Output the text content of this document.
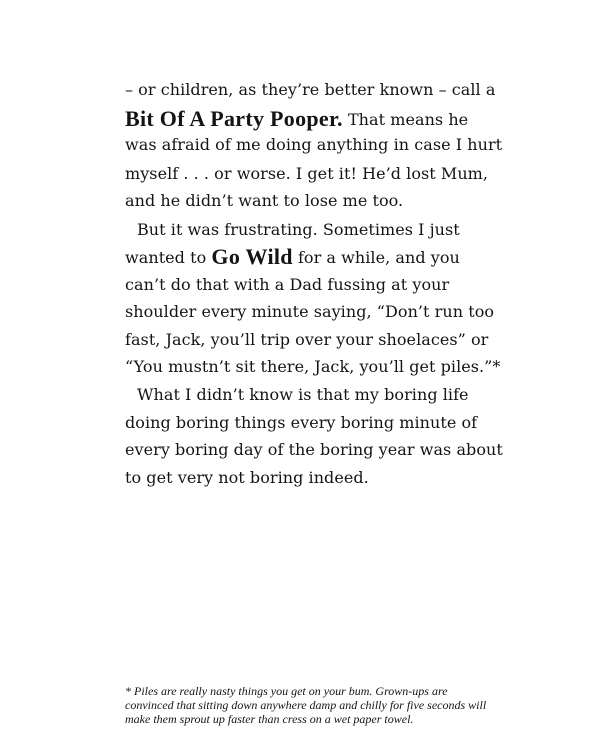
– or children, as they’re better known – call a
Bit Of A Party Pooper. That means he
was afraid of me doing anything in case I hurt
myself . . . or worse. I get it! He’d lost Mum,
and he didn’t want to lose me too.
But it was frustrating. Sometimes I just
wanted to Go Wild for a while, and you
can’t do that with a Dad fussing at your
shoulder every minute saying, “Don’t run too
fast, Jack, you’ll trip over your shoelaces” or
“You mustn’t sit there, Jack, you’ll get piles.”*
What I didn’t know is that my boring life
doing boring things every boring minute of
every boring day of the boring year was about
to get very not boring indeed.
* Piles are really nasty things you get on your bum. Grown-ups are
convinced that sitting down anywhere damp and chilly for five seconds will
make them sprout up faster than cress on a wet paper towel.
